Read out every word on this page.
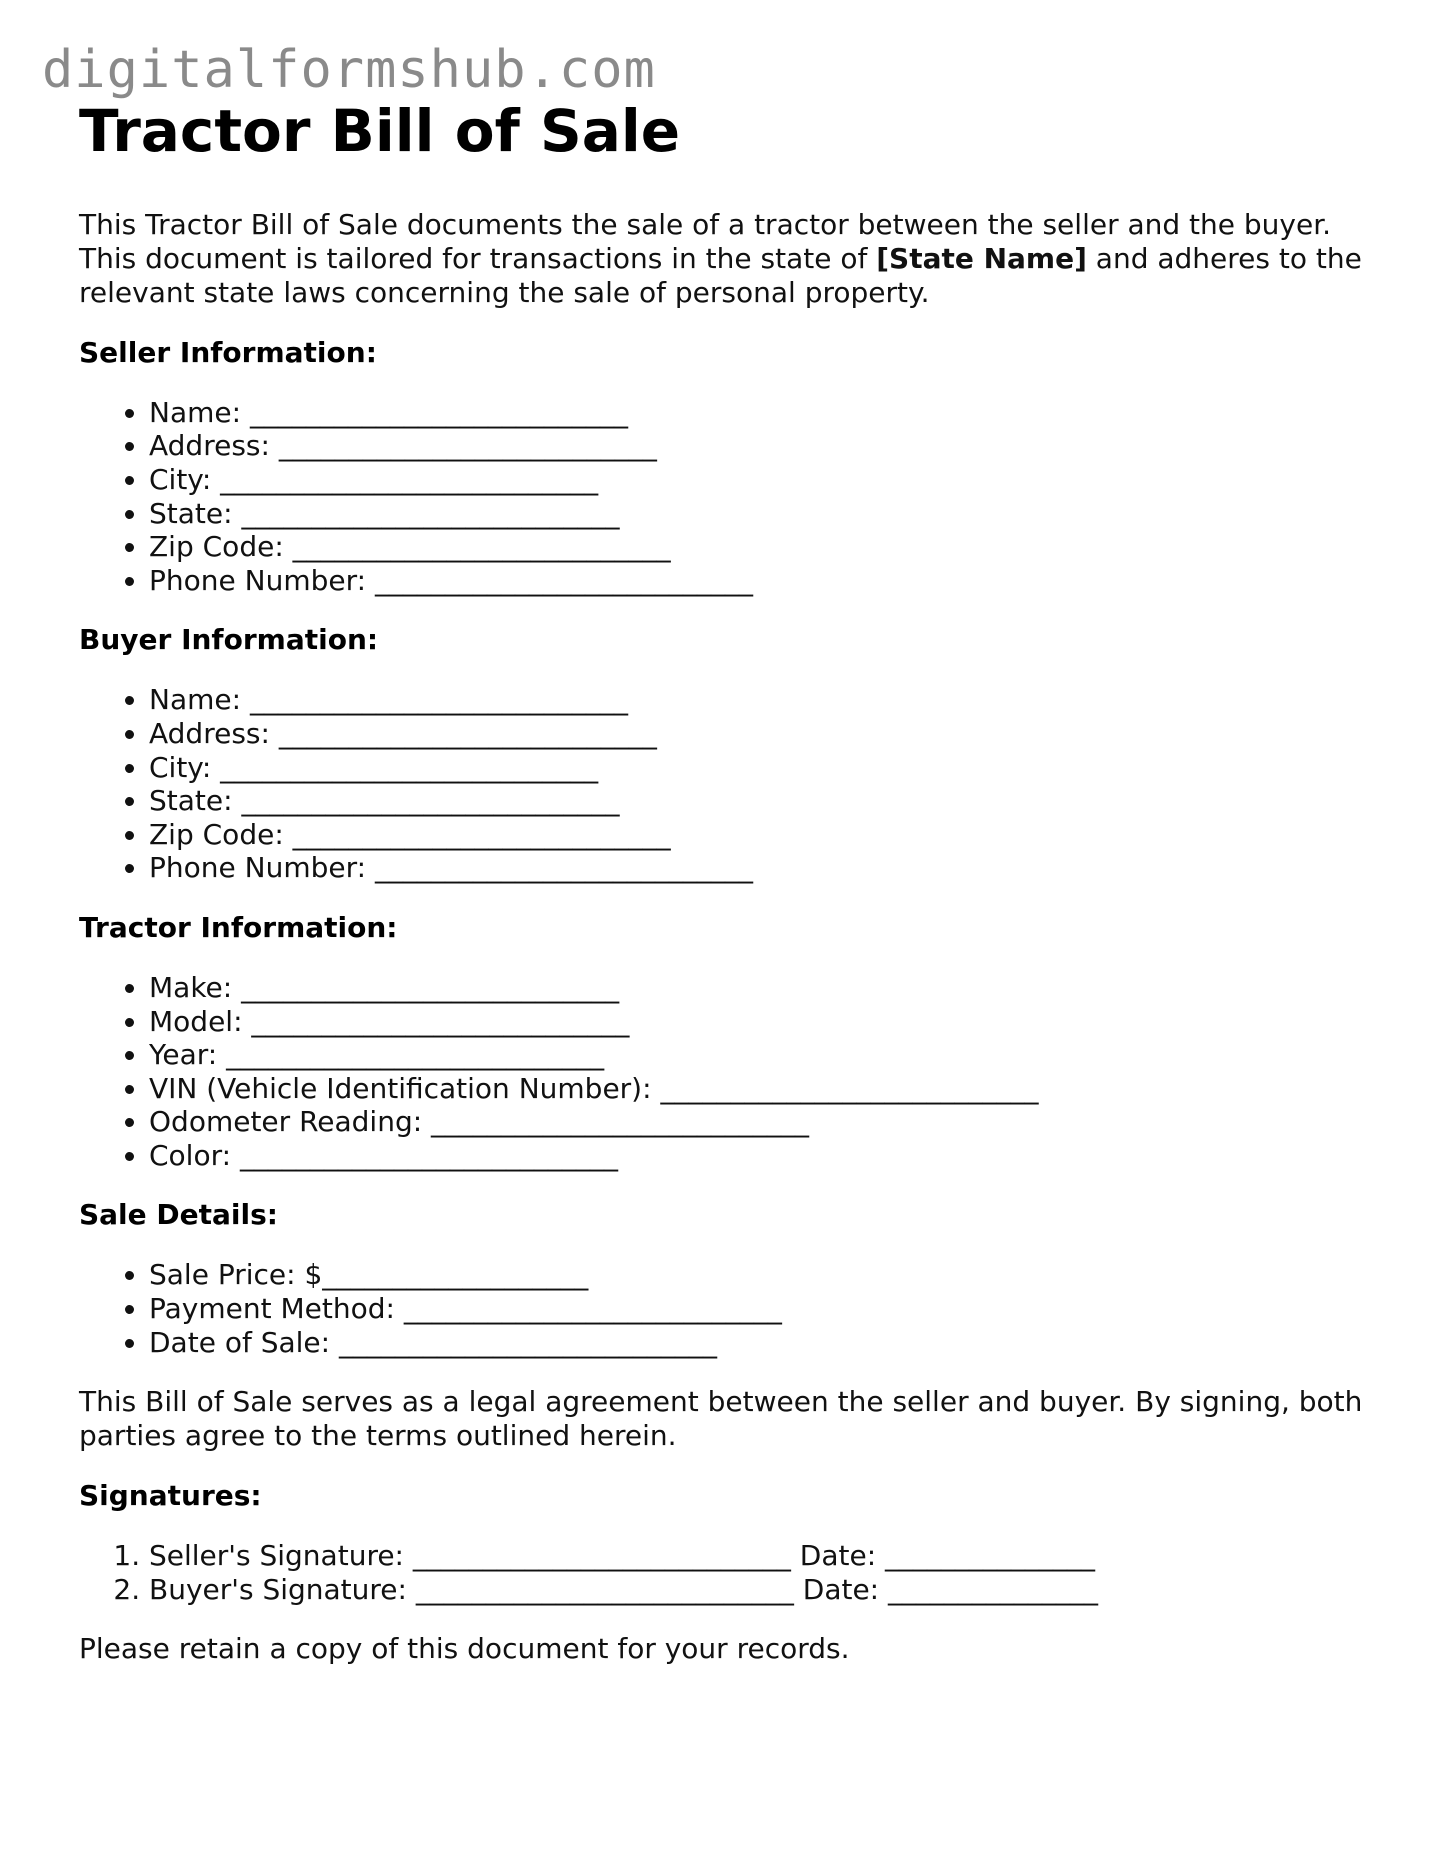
digitalformshub.com
Tractor Bill of Sale

This Tractor Bill of Sale documents the sale of a tractor between the seller and the buyer. This document is tailored for transactions in the state of [State Name] and adheres to the relevant state laws concerning the sale of personal property.

Seller Information:
• Name: ___________________________
• Address: ___________________________
• City: ___________________________
• State: ___________________________
• Zip Code: ___________________________
• Phone Number: ___________________________
Buyer Information:
• Name: ___________________________
• Address: ___________________________
• City: ___________________________
• State: ___________________________
• Zip Code: ___________________________
• Phone Number: ___________________________
Tractor Information:
• Make: ___________________________
• Model: ___________________________
• Year: ___________________________
• VIN (Vehicle Identification Number): ___________________________
• Odometer Reading: ___________________________
• Color: ___________________________
Sale Details:
• Sale Price: $___________________
• Payment Method: ___________________________
• Date of Sale: ___________________________

This Bill of Sale serves as a legal agreement between the seller and buyer. By signing, both parties agree to the terms outlined herein.

Signatures:
1. Seller's Signature: ___________________________ Date: _______________
2. Buyer's Signature: ___________________________ Date: _______________

Please retain a copy of this document for your records.
